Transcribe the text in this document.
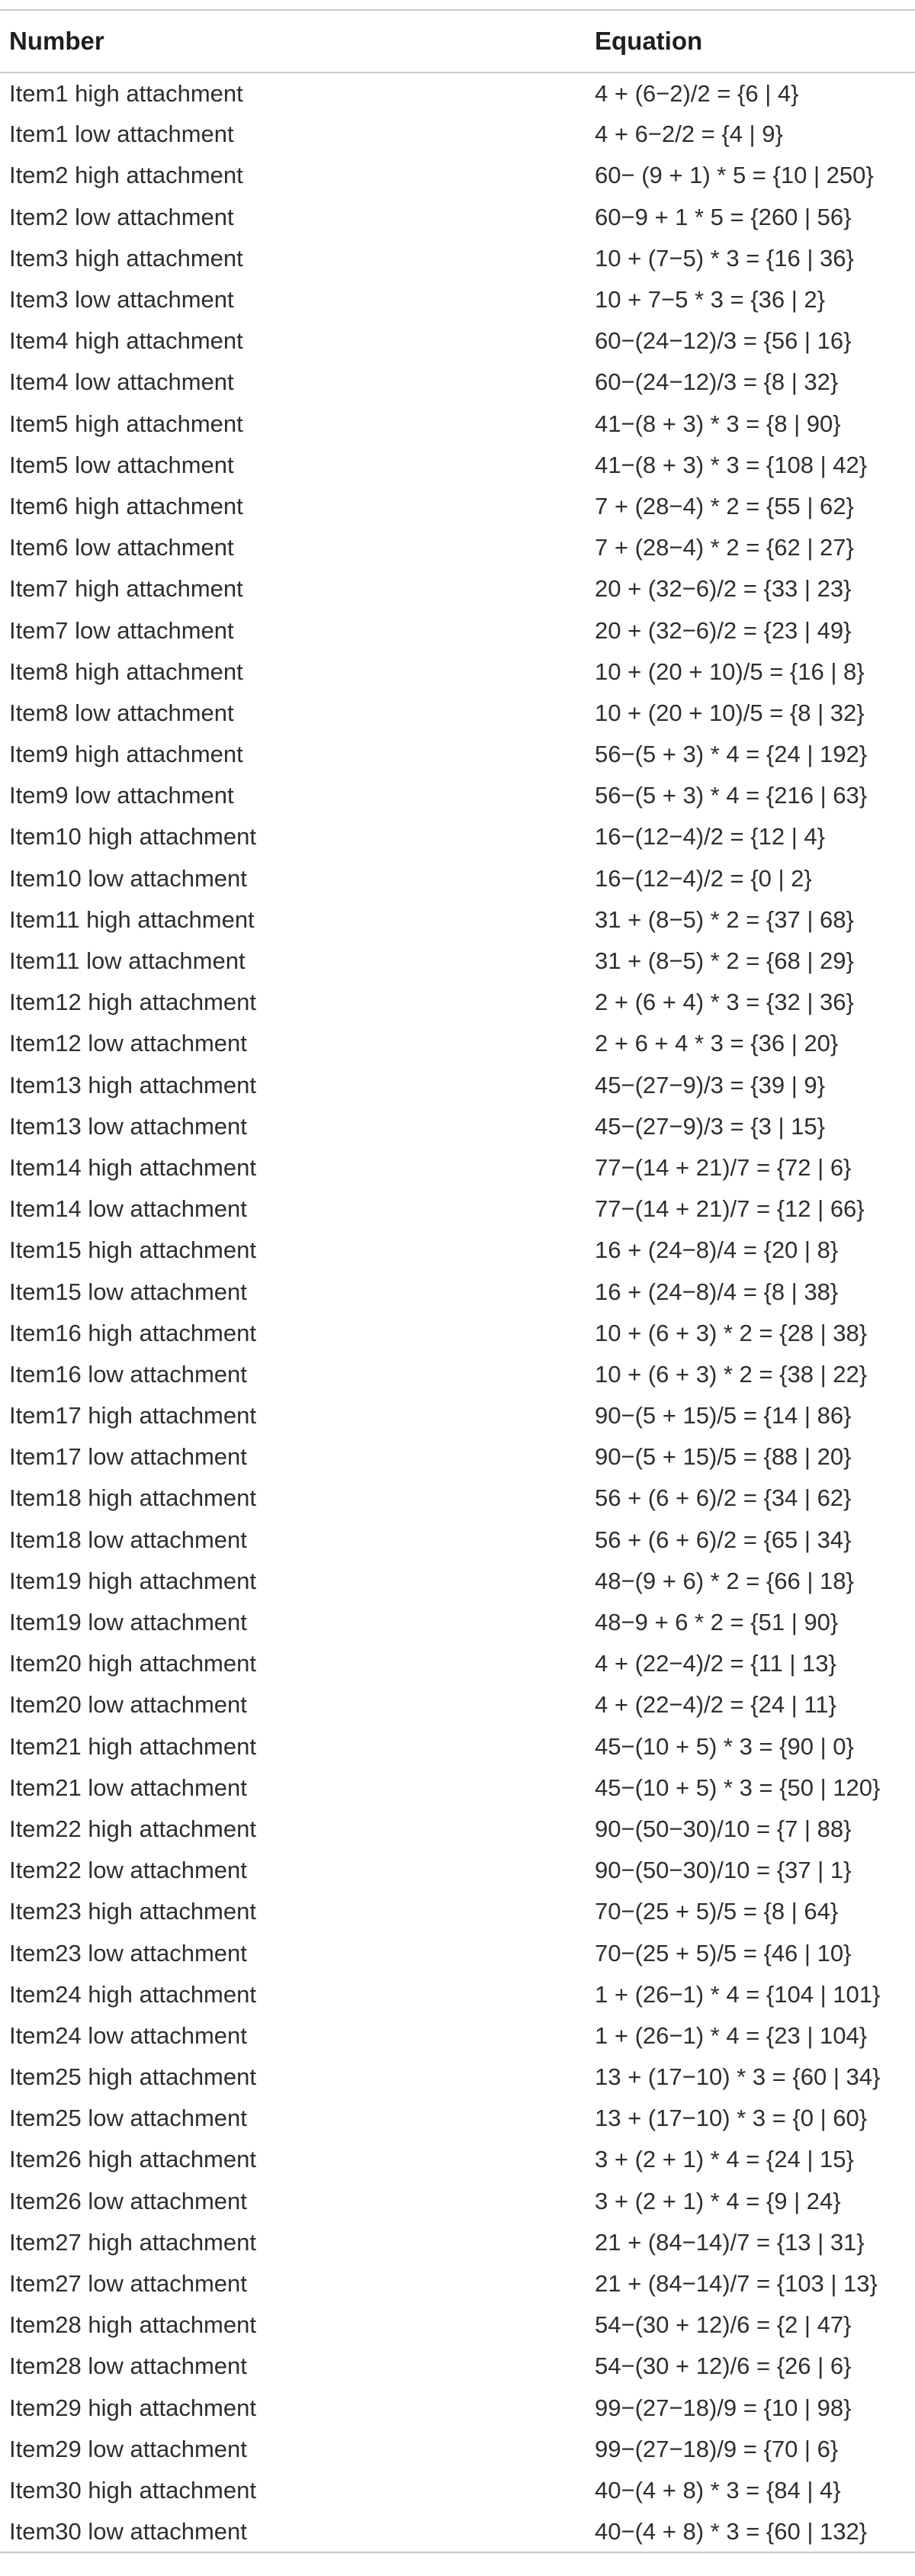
Number	Equation
Item1 high attachment	4 + (6−2)/2 = {6 | 4}
Item1 low attachment	4 + 6−2/2 = {4 | 9}
Item2 high attachment	60− (9 + 1) * 5 = {10 | 250}
Item2 low attachment	60−9 + 1 * 5 = {260 | 56}
Item3 high attachment	10 + (7−5) * 3 = {16 | 36}
Item3 low attachment	10 + 7−5 * 3 = {36 | 2}
Item4 high attachment	60−(24−12)/3 = {56 | 16}
Item4 low attachment	60−(24−12)/3 = {8 | 32}
Item5 high attachment	41−(8 + 3) * 3 = {8 | 90}
Item5 low attachment	41−(8 + 3) * 3 = {108 | 42}
Item6 high attachment	7 + (28−4) * 2 = {55 | 62}
Item6 low attachment	7 + (28−4) * 2 = {62 | 27}
Item7 high attachment	20 + (32−6)/2 = {33 | 23}
Item7 low attachment	20 + (32−6)/2 = {23 | 49}
Item8 high attachment	10 + (20 + 10)/5 = {16 | 8}
Item8 low attachment	10 + (20 + 10)/5 = {8 | 32}
Item9 high attachment	56−(5 + 3) * 4 = {24 | 192}
Item9 low attachment	56−(5 + 3) * 4 = {216 | 63}
Item10 high attachment	16−(12−4)/2 = {12 | 4}
Item10 low attachment	16−(12−4)/2 = {0 | 2}
Item11 high attachment	31 + (8−5) * 2 = {37 | 68}
Item11 low attachment	31 + (8−5) * 2 = {68 | 29}
Item12 high attachment	2 + (6 + 4) * 3 = {32 | 36}
Item12 low attachment	2 + 6 + 4 * 3 = {36 | 20}
Item13 high attachment	45−(27−9)/3 = {39 | 9}
Item13 low attachment	45−(27−9)/3 = {3 | 15}
Item14 high attachment	77−(14 + 21)/7 = {72 | 6}
Item14 low attachment	77−(14 + 21)/7 = {12 | 66}
Item15 high attachment	16 + (24−8)/4 = {20 | 8}
Item15 low attachment	16 + (24−8)/4 = {8 | 38}
Item16 high attachment	10 + (6 + 3) * 2 = {28 | 38}
Item16 low attachment	10 + (6 + 3) * 2 = {38 | 22}
Item17 high attachment	90−(5 + 15)/5 = {14 | 86}
Item17 low attachment	90−(5 + 15)/5 = {88 | 20}
Item18 high attachment	56 + (6 + 6)/2 = {34 | 62}
Item18 low attachment	56 + (6 + 6)/2 = {65 | 34}
Item19 high attachment	48−(9 + 6) * 2 = {66 | 18}
Item19 low attachment	48−9 + 6 * 2 = {51 | 90}
Item20 high attachment	4 + (22−4)/2 = {11 | 13}
Item20 low attachment	4 + (22−4)/2 = {24 | 11}
Item21 high attachment	45−(10 + 5) * 3 = {90 | 0}
Item21 low attachment	45−(10 + 5) * 3 = {50 | 120}
Item22 high attachment	90−(50−30)/10 = {7 | 88}
Item22 low attachment	90−(50−30)/10 = {37 | 1}
Item23 high attachment	70−(25 + 5)/5 = {8 | 64}
Item23 low attachment	70−(25 + 5)/5 = {46 | 10}
Item24 high attachment	1 + (26−1) * 4 = {104 | 101}
Item24 low attachment	1 + (26−1) * 4 = {23 | 104}
Item25 high attachment	13 + (17−10) * 3 = {60 | 34}
Item25 low attachment	13 + (17−10) * 3 = {0 | 60}
Item26 high attachment	3 + (2 + 1) * 4 = {24 | 15}
Item26 low attachment	3 + (2 + 1) * 4 = {9 | 24}
Item27 high attachment	21 + (84−14)/7 = {13 | 31}
Item27 low attachment	21 + (84−14)/7 = {103 | 13}
Item28 high attachment	54−(30 + 12)/6 = {2 | 47}
Item28 low attachment	54−(30 + 12)/6 = {26 | 6}
Item29 high attachment	99−(27−18)/9 = {10 | 98}
Item29 low attachment	99−(27−18)/9 = {70 | 6}
Item30 high attachment	40−(4 + 8) * 3 = {84 | 4}
Item30 low attachment	40−(4 + 8) * 3 = {60 | 132}
